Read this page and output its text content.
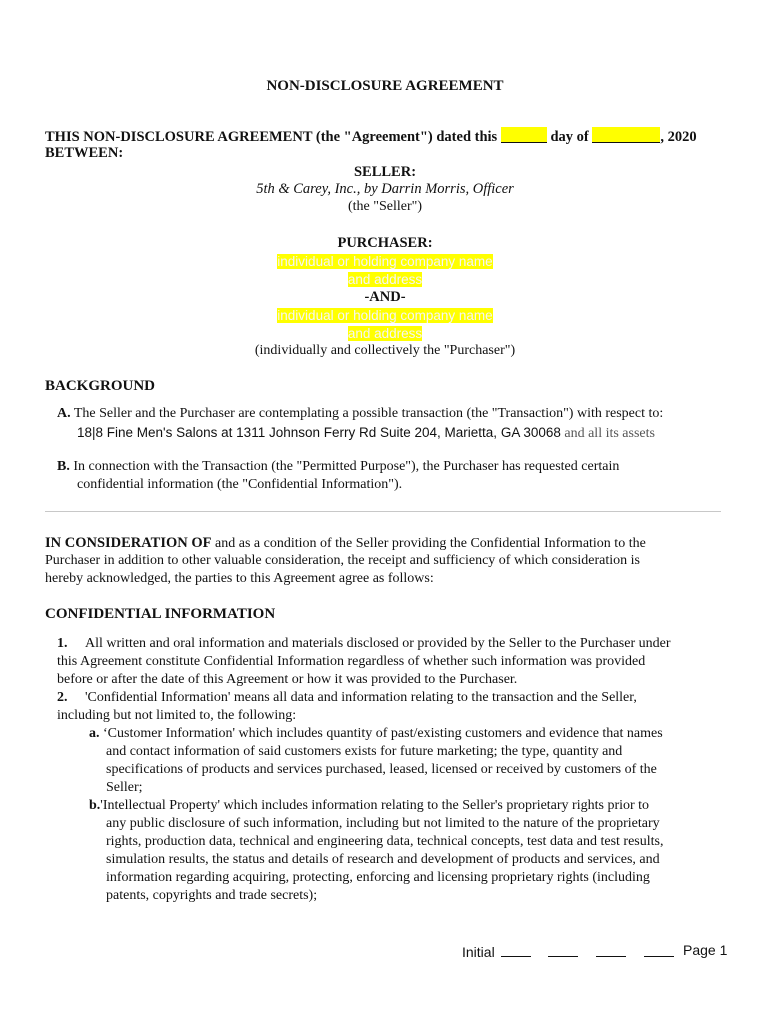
NON-DISCLOSURE AGREEMENT
THIS NON-DISCLOSURE AGREEMENT (the "Agreement") dated this	day of	, 2020
BETWEEN:
SELLER:
5th & Carey, Inc., by Darrin Morris, Officer
(the "Seller")
PURCHASER:
individual or holding company name
and address
-AND-
individual or holding company name
and address
(individually and collectively the "Purchaser")
BACKGROUND
A. The Seller and the Purchaser are contemplating a possible transaction (the "Transaction") with respect to:
18|8 Fine Men's Salons at 1311 Johnson Ferry Rd Suite 204, Marietta, GA 30068 and all its assets
B. In connection with the Transaction (the "Permitted Purpose"), the Purchaser has requested certain
confidential information (the "Confidential Information").
IN CONSIDERATION OF and as a condition of the Seller providing the Confidential Information to the
Purchaser in addition to other valuable consideration, the receipt and sufficiency of which consideration is
hereby acknowledged, the parties to this Agreement agree as follows:
CONFIDENTIAL INFORMATION
1. All written and oral information and materials disclosed or provided by the Seller to the Purchaser under
this Agreement constitute Confidential Information regardless of whether such information was provided
before or after the date of this Agreement or how it was provided to the Purchaser.
2. 'Confidential Information' means all data and information relating to the transaction and the Seller,
including but not limited to, the following:
a. ‘Customer Information' which includes quantity of past/existing customers and evidence that names
and contact information of said customers exists for future marketing; the type, quantity and
specifications of products and services purchased, leased, licensed or received by customers of the
Seller;
b.'Intellectual Property' which includes information relating to the Seller's proprietary rights prior to
any public disclosure of such information, including but not limited to the nature of the proprietary
rights, production data, technical and engineering data, technical concepts, test data and test results,
simulation results, the status and details of research and development of products and services, and
information regarding acquiring, protecting, enforcing and licensing proprietary rights (including
patents, copyrights and trade secrets);
Initial	Page 1
